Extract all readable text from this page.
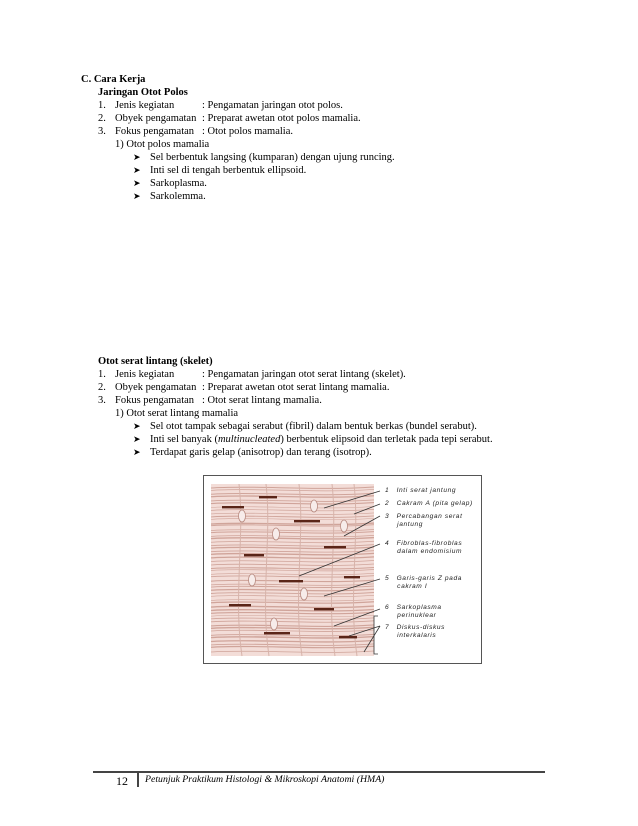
C. Cara Kerja
Jaringan Otot Polos
1. Jenis kegiatan	: Pengamatan jaringan otot polos.
2. Obyek pengamatan : Preparat awetan otot polos mamalia.
3. Fokus pengamatan : Otot polos mamalia.
1) Otot polos mamalia
➤ Sel berbentuk langsing (kumparan) dengan ujung runcing.
➤ Inti sel di tengah berbentuk ellipsoid.
➤ Sarkoplasma.
➤ Sarkolemma.
Otot serat lintang (skelet)
1. Jenis kegiatan	: Pengamatan jaringan otot serat lintang (skelet).
2. Obyek pengamatan : Preparat awetan otot serat lintang mamalia.
3. Fokus pengamatan : Otot serat lintang mamalia.
1) Otot serat lintang mamalia
➤ Sel otot tampak sebagai serabut (fibril) dalam bentuk berkas (bundel serabut).
➤ Inti sel banyak (multinucleated) berbentuk elipsoid dan terletak pada tepi serabut.
➤ Terdapat garis gelap (anisotrop) dan terang (isotrop).
1 Inti serat jantung
2 Cakram A (pita gelap)
3 Percabangan serat
jantung
4 Fibroblas-fibroblas
dalam endomisium
5 Garis-garis Z pada
cakram I
6 Sarkoplasma
perinuklear
7 Diskus-diskus
interkalaris
12 Petunjuk Praktikum Histologi & Mikroskopi Anatomi (HMA)
